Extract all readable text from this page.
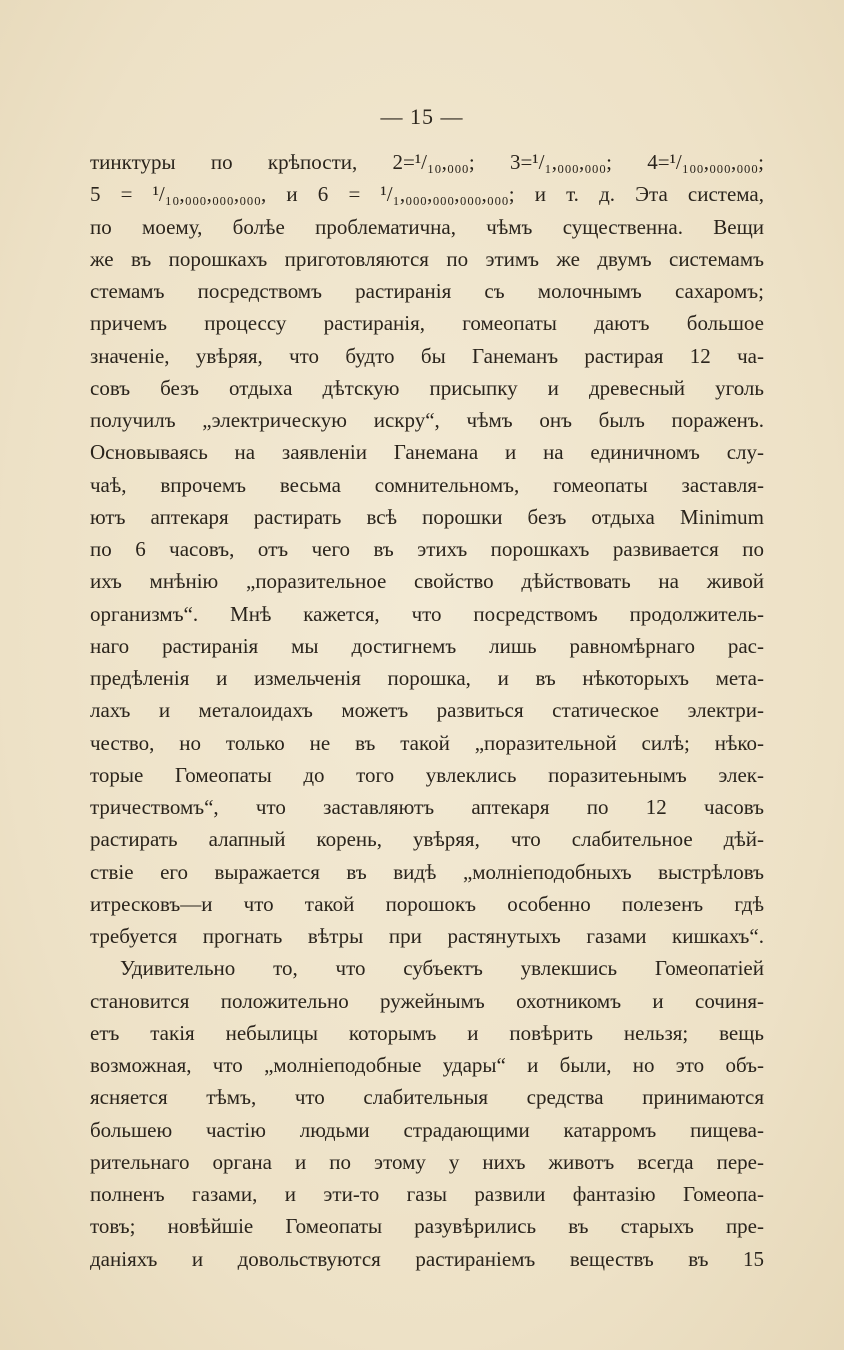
— 15 —
тинктуры по крѣпости, 2=¹/₁₀,₀₀₀; 3=¹/₁,₀₀₀,₀₀₀; 4=¹/₁₀₀,₀₀₀,₀₀₀;
5 = ¹/₁₀,₀₀₀,₀₀₀,₀₀₀, и 6 = ¹/₁,₀₀₀,₀₀₀,₀₀₀,₀₀₀; и т. д. Эта система,
по моему, болѣе проблематична, чѣмъ существенна. Вещи
же въ порошкахъ приготовляются по этимъ же двумъ системамъ
стемамъ посредствомъ растиранія съ молочнымъ сахаромъ;
причемъ процессу растиранія, гомеопаты даютъ большое
значеніе, увѣряя, что будто бы Ганеманъ растирая 12 ча-
совъ безъ отдыха дѣтскую присыпку и древесный уголь
получилъ „электрическую искру“, чѣмъ онъ былъ пораженъ.
Основываясь на заявленіи Ганемана и на единичномъ слу-
чаѣ, впрочемъ весьма сомнительномъ, гомеопаты заставля-
ютъ аптекаря растирать всѣ порошки безъ отдыха Minimum
по 6 часовъ, отъ чего въ этихъ порошкахъ развивается по
ихъ мнѣнію „поразительное свойство дѣйствовать на живой
организмъ“. Мнѣ кажется, что посредствомъ продолжитель-
наго растиранія мы достигнемъ лишь равномѣрнаго рас-
предѣленія и измельченія порошка, и въ нѣкоторыхъ мета-
лахъ и металоидахъ можетъ развиться статическое электри-
чество, но только не въ такой „поразительной силѣ; нѣко-
торые Гомеопаты до того увлеклись поразитеьнымъ элек-
тричествомъ“, что заставляютъ аптекаря по 12 часовъ
растирать алапный корень, увѣряя, что слабительное дѣй-
ствіе его выражается въ видѣ „молніеподобныхъ выстрѣловъ
итресковъ—и что такой порошокъ особенно полезенъ гдѣ
требуется прогнать вѣтры при растянутыхъ газами кишкахъ“.
Удивительно то, что субъектъ увлекшись Гомеопатіей
становится положительно ружейнымъ охотникомъ и сочиня-
етъ такія небылицы которымъ и повѣрить нельзя; вещь
возможная, что „молніеподобные удары“ и были, но это объ-
ясняется тѣмъ, что слабительныя средства принимаются
большею частію людьми страдающими катарромъ пищева-
рительнаго органа и по этому у нихъ животъ всегда пере-
полненъ газами, и эти-то газы развили фантазію Гомеопа-
товъ; новѣйшіе Гомеопаты разувѣрились въ старыхъ пре-
даніяхъ и довольствуются растираніемъ веществъ въ 15
